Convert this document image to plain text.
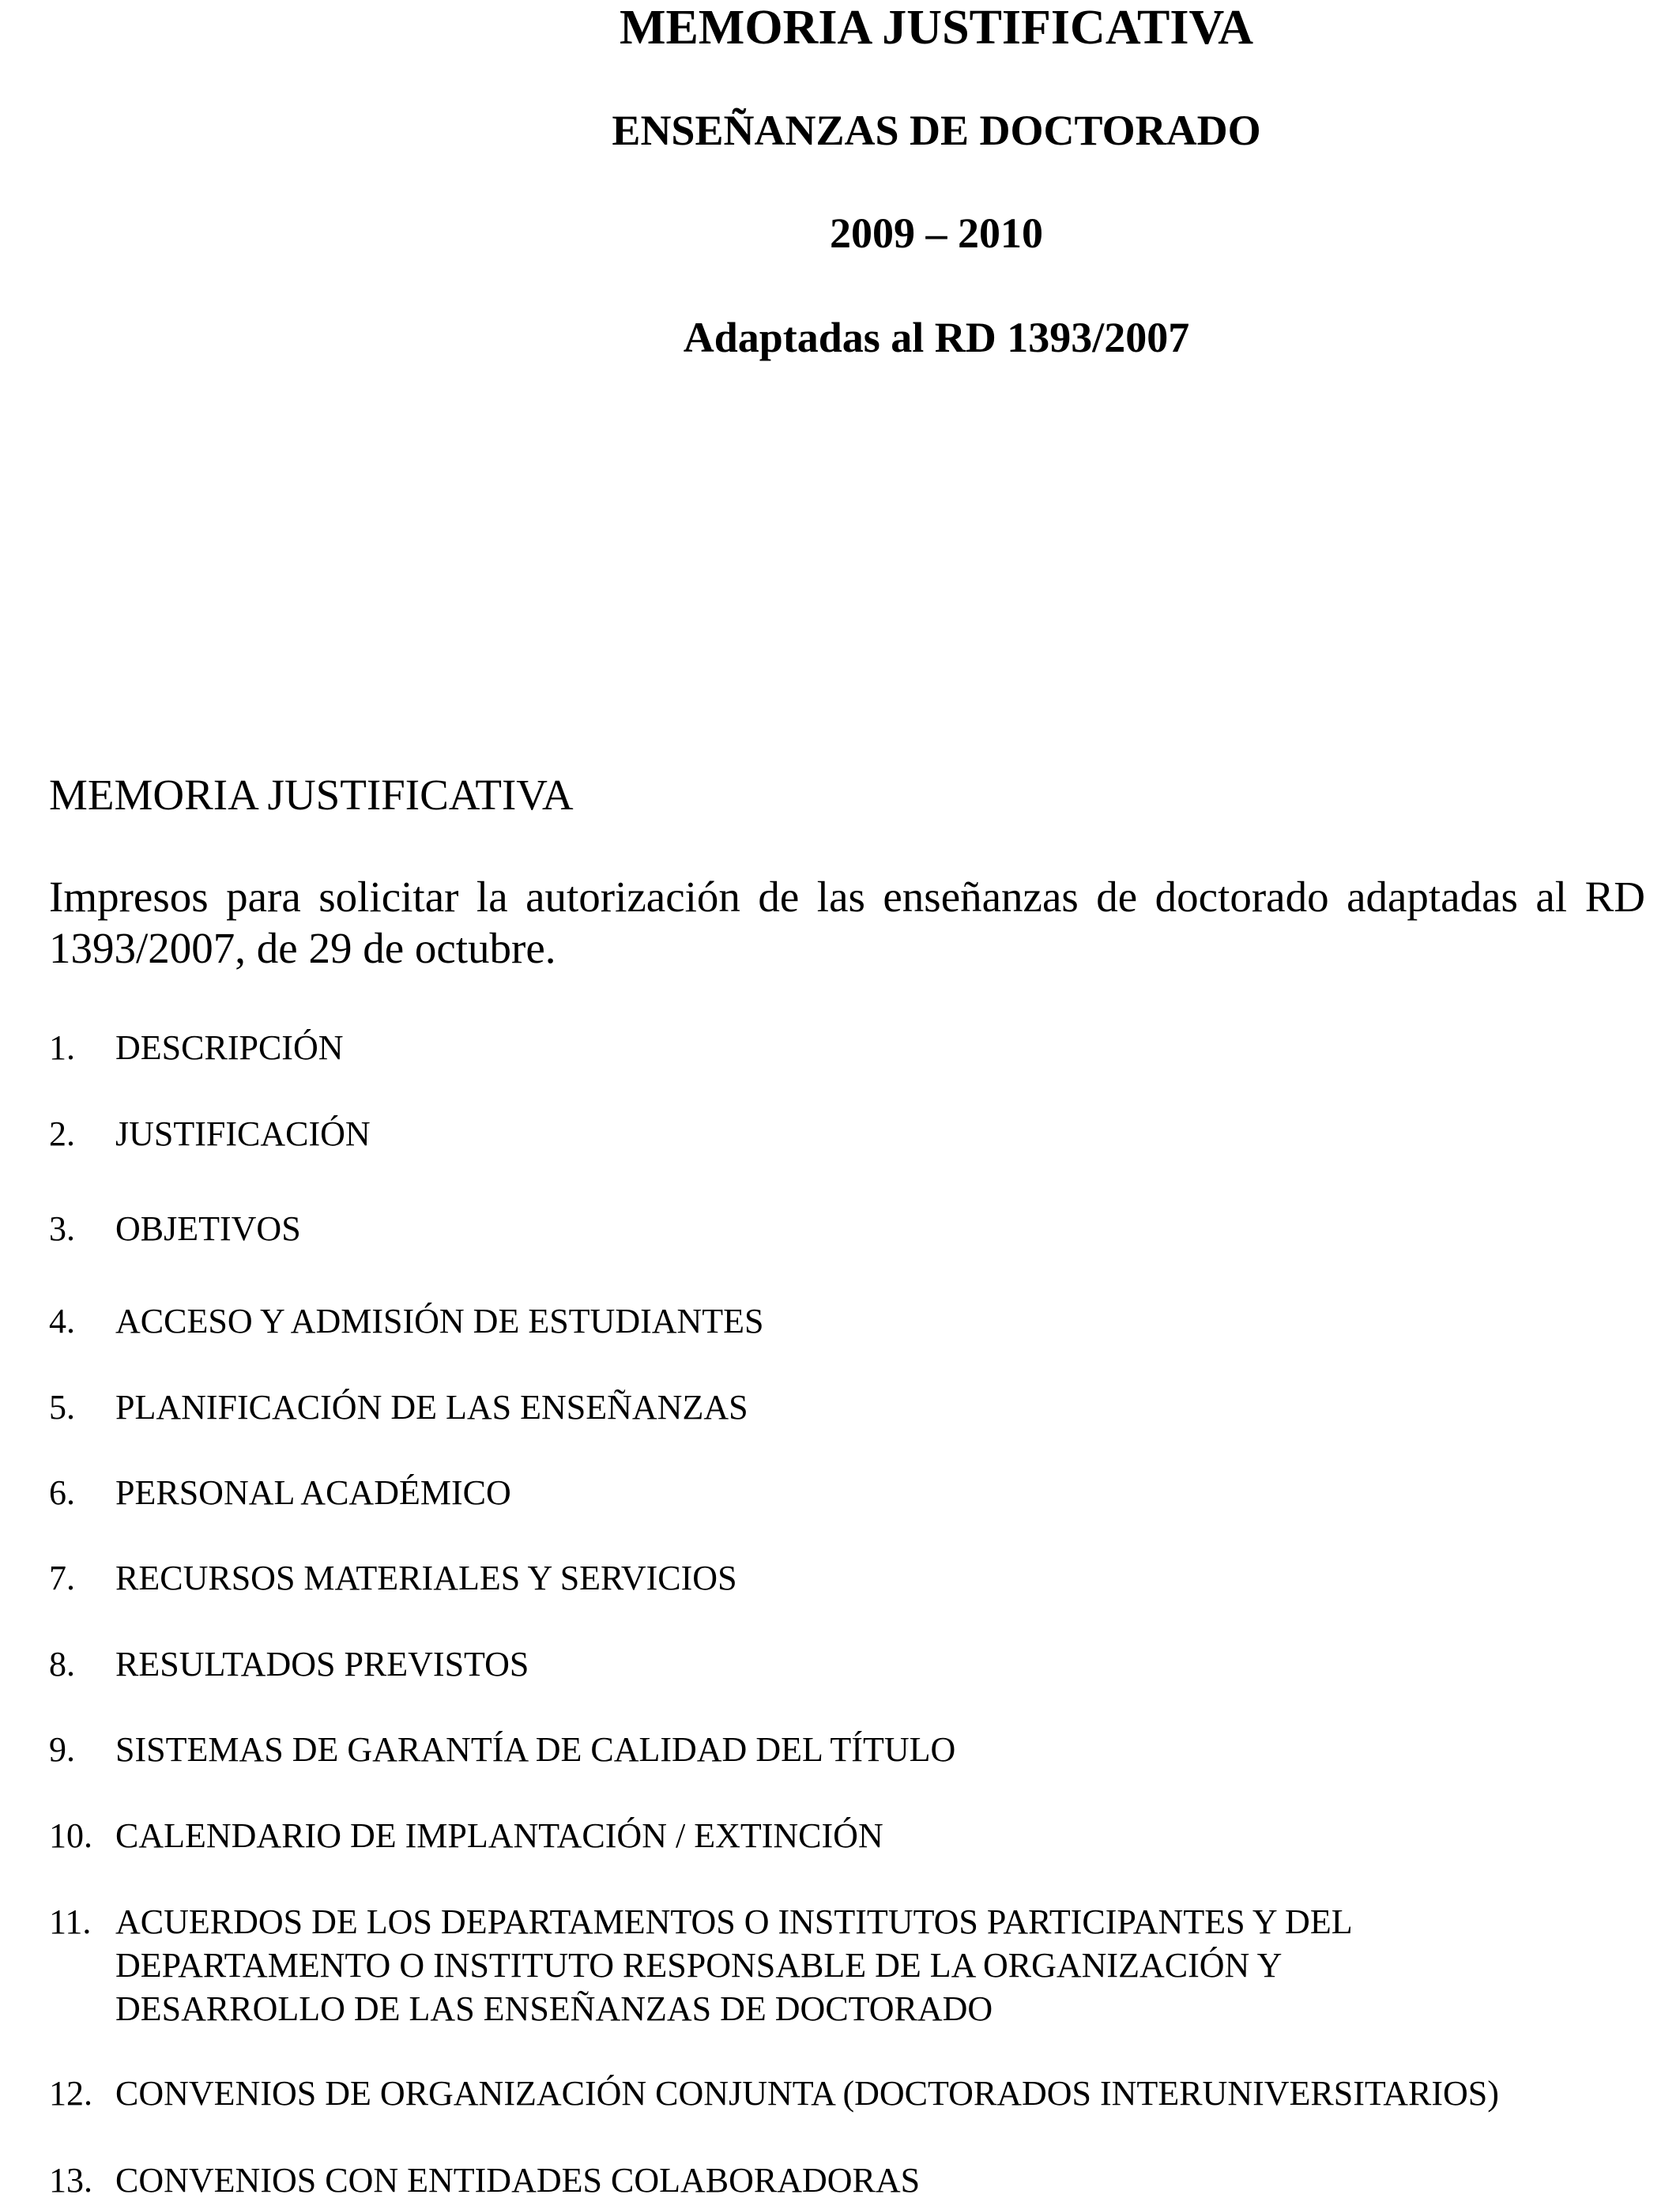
MEMORIA JUSTIFICATIVA
ENSEÑANZAS DE DOCTORADO
2009 – 2010
Adaptadas al RD 1393/2007
MEMORIA JUSTIFICATIVA
Impresos para solicitar la autorización de las enseñanzas de doctorado adaptadas al RD 1393/2007, de 29 de octubre.
1.	DESCRIPCIÓN
2.	JUSTIFICACIÓN
3.	OBJETIVOS
4.	ACCESO Y ADMISIÓN DE ESTUDIANTES
5.	PLANIFICACIÓN DE LAS ENSEÑANZAS
6.	PERSONAL ACADÉMICO
7.	RECURSOS MATERIALES Y SERVICIOS
8.	RESULTADOS PREVISTOS
9.	SISTEMAS DE GARANTÍA DE CALIDAD DEL TÍTULO
10. CALENDARIO DE IMPLANTACIÓN / EXTINCIÓN
11. ACUERDOS DE LOS DEPARTAMENTOS O INSTITUTOS PARTICIPANTES Y DEL
DEPARTAMENTO O INSTITUTO RESPONSABLE DE LA ORGANIZACIÓN Y
DESARROLLO DE LAS ENSEÑANZAS DE DOCTORADO
12. CONVENIOS DE ORGANIZACIÓN CONJUNTA (DOCTORADOS INTERUNIVERSITARIOS)
13. CONVENIOS CON ENTIDADES COLABORADORAS
